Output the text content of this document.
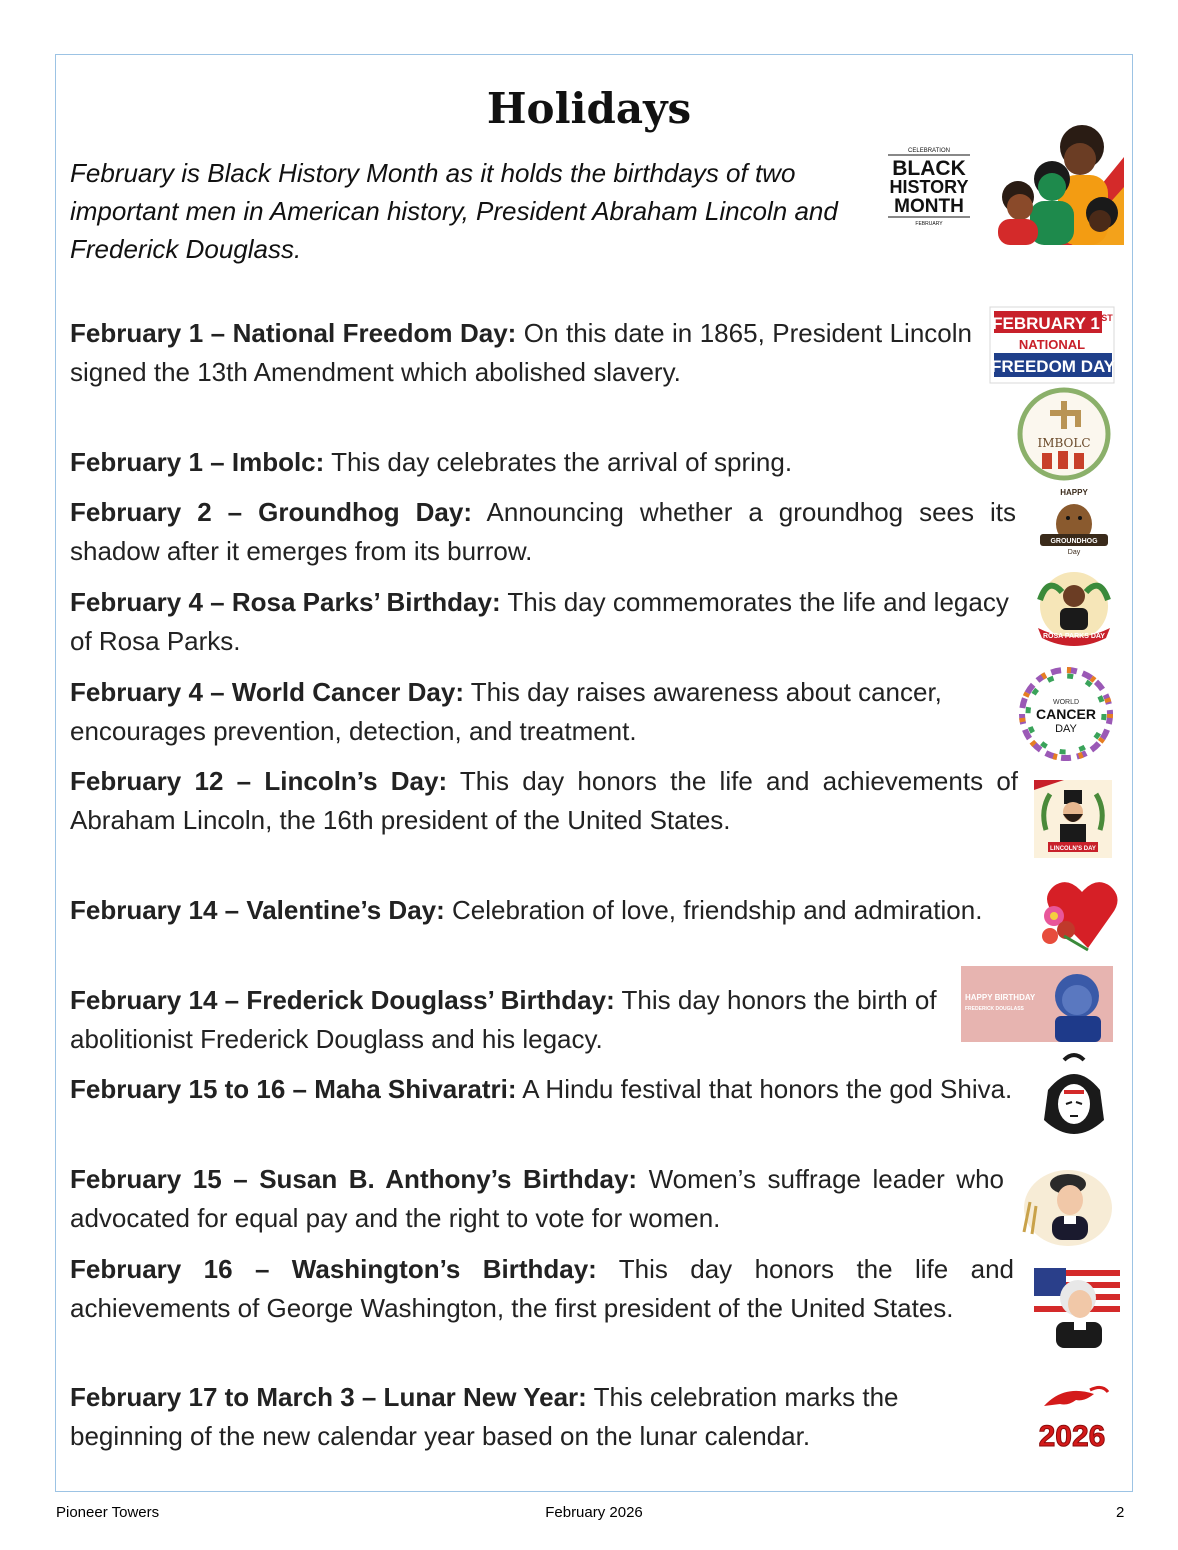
Holidays

February is Black History Month as it holds the birthdays of two important men in American history, President Abraham Lincoln and Frederick Douglass.

CELEBRATION
BLACK
HISTORY
MONTH
FEBRUARY

February 1 – National Freedom Day: On this date in 1865, President Lincoln signed the 13th Amendment which abolished slavery.

February 1 – Imbolc: This day celebrates the arrival of spring.

February 2 – Groundhog Day: Announcing whether a groundhog sees its shadow after it emerges from its burrow.

February 4 – Rosa Parks’ Birthday: This day commemorates the life and legacy of Rosa Parks.

February 4 – World Cancer Day: This day raises awareness about cancer, encourages prevention, detection, and treatment.

February 12 – Lincoln’s Day: This day honors the life and achievements of Abraham Lincoln, the 16th president of the United States.

February 14 – Valentine’s Day: Celebration of love, friendship and admiration.

February 14 – Frederick Douglass’ Birthday: This day honors the birth of abolitionist Frederick Douglass and his legacy.

February 15 to 16 – Maha Shivaratri: A Hindu festival that honors the god Shiva.

February 15 – Susan B. Anthony’s Birthday: Women’s suffrage leader who advocated for equal pay and the right to vote for women.

February 16 – Washington’s Birthday: This day honors the life and achievements of George Washington, the first president of the United States.

February 17 to March 3 – Lunar New Year: This celebration marks the beginning of the new calendar year based on the lunar calendar.

FEBRUARY 1 ST
NATIONAL
FREEDOM DAY
IMBOLC
HAPPY
GROUNDHOG
Day
ROSA PARKS DAY
WORLD
CANCER
DAY
LINCOLN'S DAY
HAPPY BIRTHDAY
FREDERICK DOUGLASS
2026
Pioneer Towers	February 2026	2
